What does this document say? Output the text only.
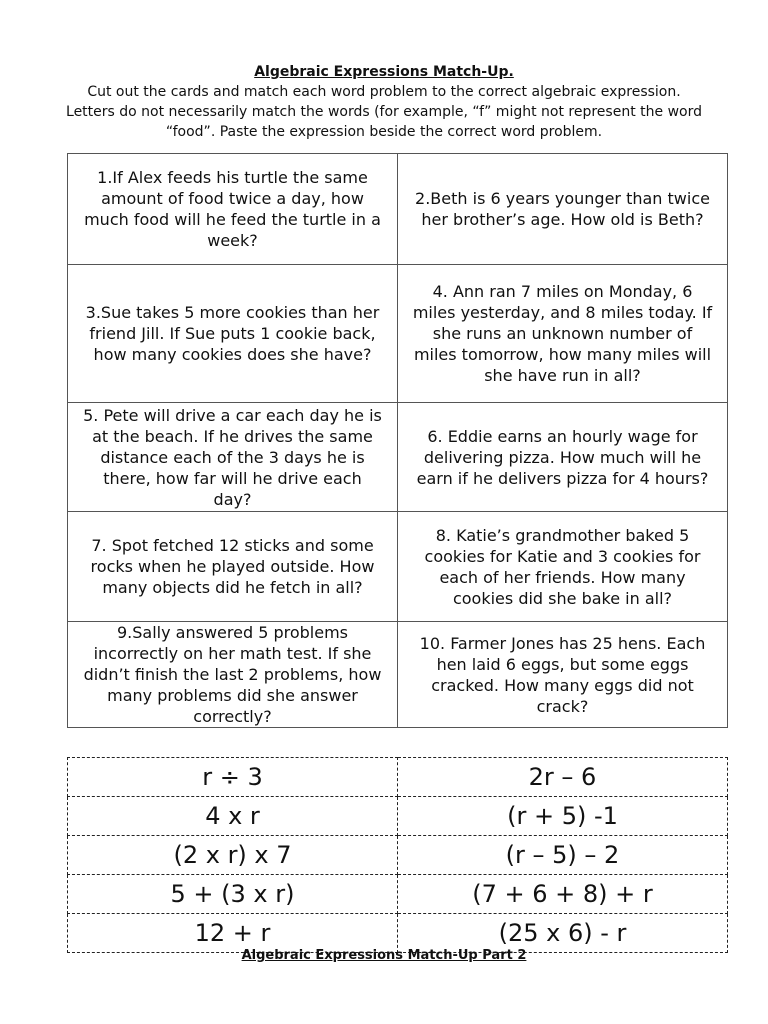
Algebraic Expressions Match-Up.
Cut out the cards and match each word problem to the correct algebraic expression. Letters do not necessarily match the words (for example, “f” might not represent the word “food”. Paste the expression beside the correct word problem.
1.If Alex feeds his turtle the same amount of food twice a day, how much food will he feed the turtle in a week?	2.Beth is 6 years younger than twice her brother’s age. How old is Beth?
3.Sue takes 5 more cookies than her friend Jill. If Sue puts 1 cookie back, how many cookies does she have?	4. Ann ran 7 miles on Monday, 6 miles yesterday, and 8 miles today. If she runs an unknown number of miles tomorrow, how many miles will she have run in all?
5. Pete will drive a car each day he is at the beach. If he drives the same distance each of the 3 days he is there, how far will he drive each day?	6. Eddie earns an hourly wage for delivering pizza. How much will he earn if he delivers pizza for 4 hours?
7. Spot fetched 12 sticks and some rocks when he played outside. How many objects did he fetch in all?	8. Katie’s grandmother baked 5 cookies for Katie and 3 cookies for each of her friends. How many cookies did she bake in all?
9.Sally answered 5 problems incorrectly on her math test. If she didn’t finish the last 2 problems, how many problems did she answer correctly?	10. Farmer Jones has 25 hens. Each hen laid 6 eggs, but some eggs cracked. How many eggs did not crack?
r ÷ 3	2r – 6
4 x r	(r + 5) -1
(2 x r) x 7	(r – 5) – 2
5 + (3 x r)	(7 + 6 + 8) + r
12 + r	(25 x 6) - r
Algebraic Expressions Match-Up Part 2
